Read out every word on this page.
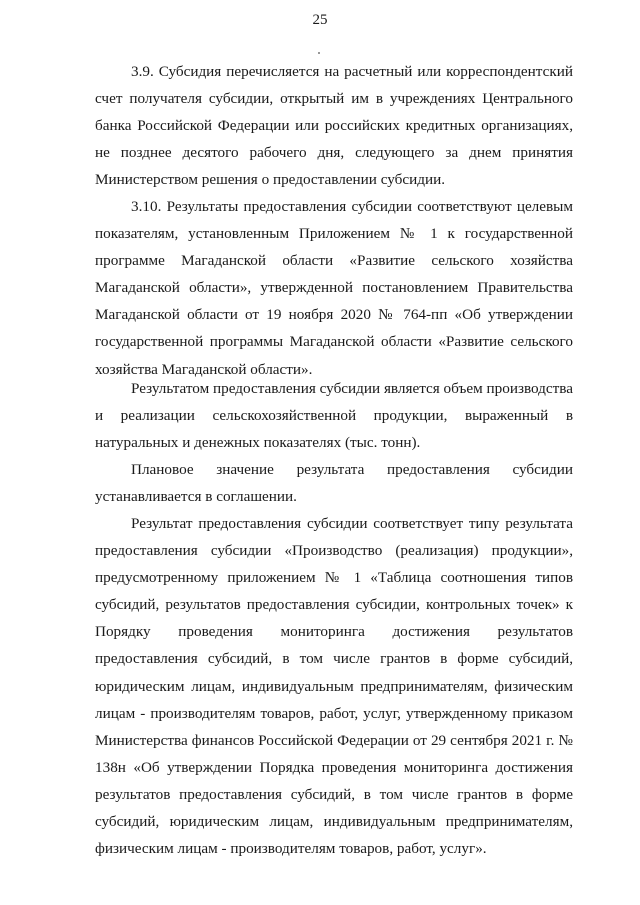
25

3.9. Субсидия перечисляется на расчетный или корреспондентский счет получателя субсидии, открытый им в учреждениях Центрального банка Российской Федерации или российских кредитных организациях, не позднее десятого рабочего дня, следующего за днем принятия Министерством решения о предоставлении субсидии.

3.10. Результаты предоставления субсидии соответствуют целевым показателям, установленным Приложением № 1 к государственной программе Магаданской области «Развитие сельского хозяйства Магаданской области», утвержденной постановлением Правительства Магаданской области от 19 ноября 2020 № 764-пп «Об утверждении государственной программы Магаданской области «Развитие сельского хозяйства Магаданской области».

Результатом предоставления субсидии является объем производства и реализации сельскохозяйственной продукции, выраженный в натуральных и денежных показателях (тыс. тонн).

Плановое значение результата предоставления субсидии устанавливается в соглашении.

Результат предоставления субсидии соответствует типу результата предоставления субсидии «Производство (реализация) продукции», предусмотренному приложением № 1 «Таблица соотношения типов субсидий, результатов предоставления субсидии, контрольных точек» к Порядку проведения мониторинга достижения результатов предоставления субсидий, в том числе грантов в форме субсидий, юридическим лицам, индивидуальным предпринимателям, физическим лицам - производителям товаров, работ, услуг, утвержденному приказом Министерства финансов Российской Федерации от 29 сентября 2021 г. № 138н «Об утверждении Порядка проведения мониторинга достижения результатов предоставления субсидий, в том числе грантов в форме субсидий, юридическим лицам, индивидуальным предпринимателям, физическим лицам - производителям товаров, работ, услуг».
